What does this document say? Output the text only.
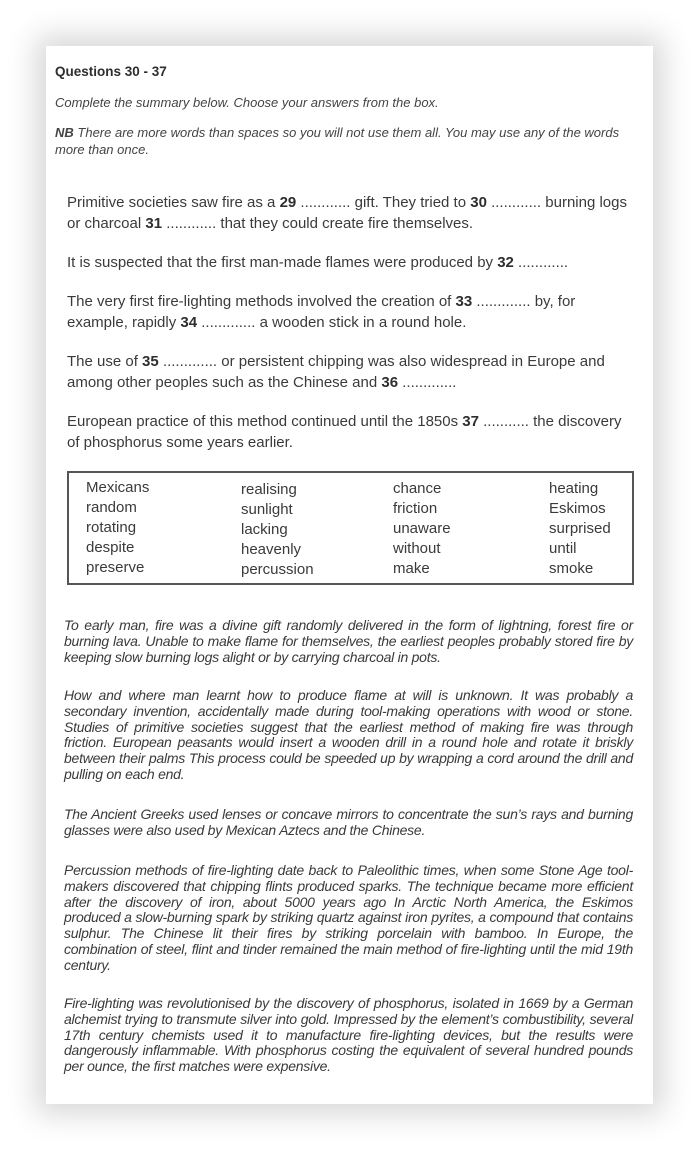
Questions 30 - 37
Complete the summary below. Choose your answers from the box.
NB There are more words than spaces so you will not use them all. You may use any of the words more than once.
Primitive societies saw fire as a 29 ............ gift. They tried to 30 ............ burning logs or charcoal 31 ............ that they could create fire themselves.
It is suspected that the first man-made flames were produced by 32 ............
The very first fire-lighting methods involved the creation of 33 ............. by, for example, rapidly 34 ............. a wooden stick in a round hole.
The use of 35 ............. or persistent chipping was also widespread in Europe and among other peoples such as the Chinese and 36 .............
European practice of this method continued until the 1850s 37 ........... the discovery of phosphorus some years earlier.
Mexicans
random
rotating
despite
preserve
realising
sunlight
lacking
heavenly
percussion
chance
friction
unaware
without
make
heating
Eskimos
surprised
until
smoke
To early man, fire was a divine gift randomly delivered in the form of lightning, forest fire or burning lava. Unable to make flame for themselves, the earliest peoples probably stored fire by keeping slow burning logs alight or by carrying charcoal in pots.
How and where man learnt how to produce flame at will is unknown. It was probably a secondary invention, accidentally made during tool-making operations with wood or stone. Studies of primitive societies suggest that the earliest method of making fire was through friction. European peasants would insert a wooden drill in a round hole and rotate it briskly between their palms This process could be speeded up by wrapping a cord around the drill and pulling on each end.
The Ancient Greeks used lenses or concave mirrors to concentrate the sun’s rays and burning glasses were also used by Mexican Aztecs and the Chinese.
Percussion methods of fire-lighting date back to Paleolithic times, when some Stone Age tool-makers discovered that chipping flints produced sparks. The technique became more efficient after the discovery of iron, about 5000 years ago In Arctic North America, the Eskimos produced a slow-burning spark by striking quartz against iron pyrites, a compound that contains sulphur. The Chinese lit their fires by striking porcelain with bamboo. In Europe, the combination of steel, flint and tinder remained the main method of fire-lighting until the mid 19th century.
Fire-lighting was revolutionised by the discovery of phosphorus, isolated in 1669 by a German alchemist trying to transmute silver into gold. Impressed by the element’s combustibility, several 17th century chemists used it to manufacture fire-lighting devices, but the results were dangerously inflammable. With phosphorus costing the equivalent of several hundred pounds per ounce, the first matches were expensive.
